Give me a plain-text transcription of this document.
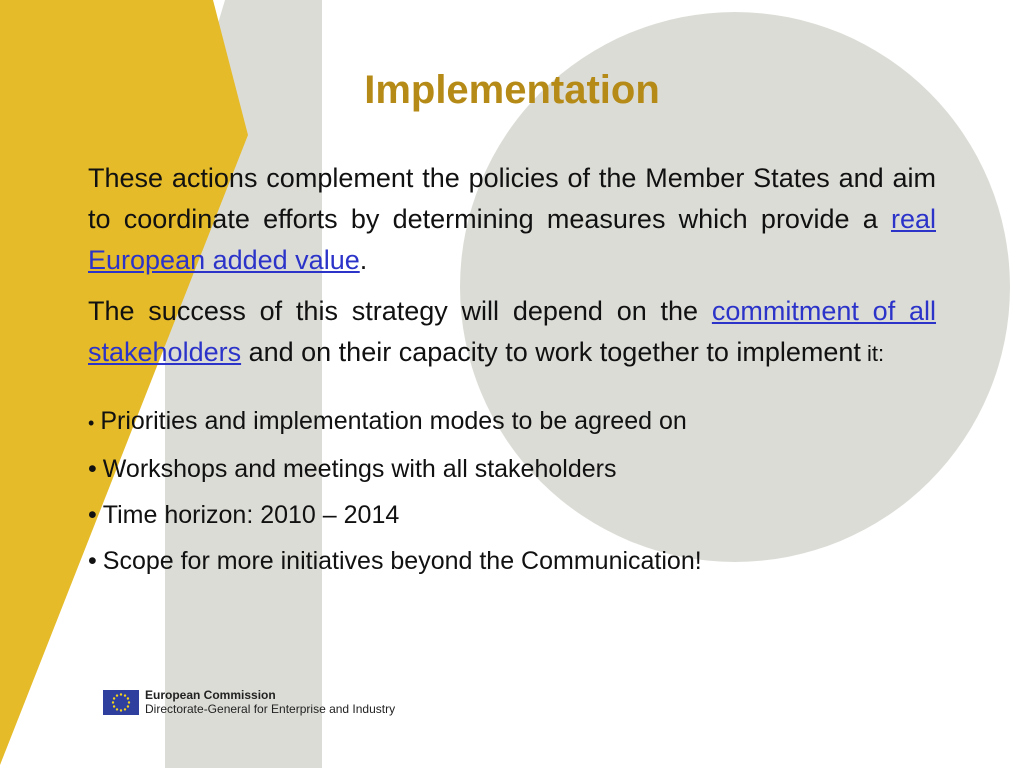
Implementation

These actions complement the policies of the Member States and aim to coordinate efforts by determining measures which provide a real European added value.

The success of this strategy will depend on the commitment of all stakeholders and on their capacity to work together to implement it:

• Priorities and implementation modes to be agreed on
• Workshops and meetings with all stakeholders
• Time horizon: 2010 – 2014
• Scope for more initiatives beyond the Communication!
European Commission
Directorate-General for Enterprise and Industry
